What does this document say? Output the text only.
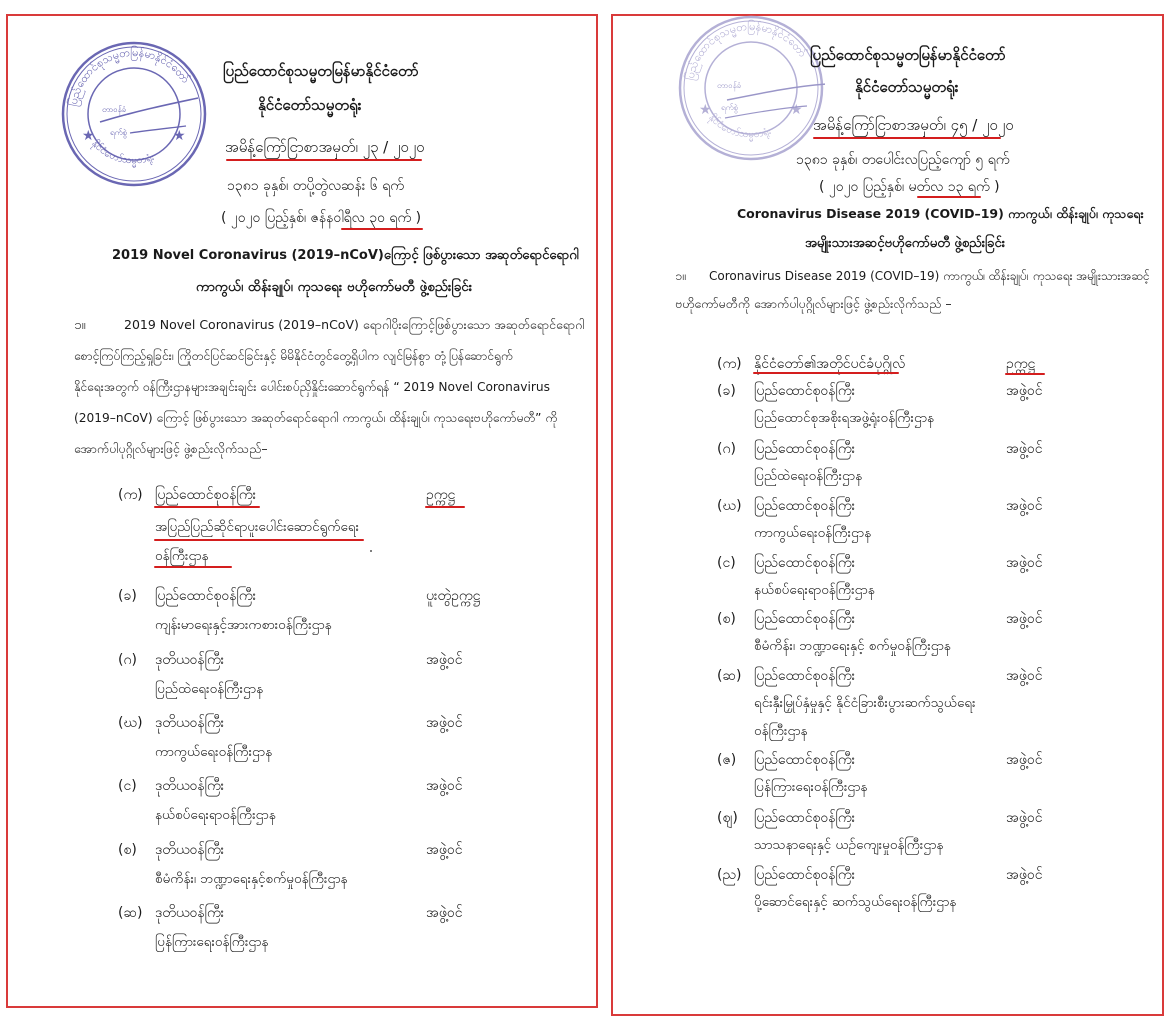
ပြည်ထောင်စုသမ္မတမြန်မာနိုင်ငံတော်
နိုင်ငံတော်သမ္မတရုံး
★	★
တာဝန်ခံ
ရက်စွဲ
ပြည်ထောင်စုသမ္မတမြန်မာနိုင်ငံတော်
နိုင်ငံတော်သမ္မတရုံး
အမိန့်ကြော်ငြာစာအမှတ်၊ ၂၃ / ၂၀၂၀
၁၃၈၁ ခုနှစ်၊ တပို့တွဲလဆန်း ၆ ရက်
( ၂၀၂၀ ပြည့်နှစ်၊ ဇန်နဝါရီလ ၃၀ ရက် )
2019 Novel Coronavirus (2019–nCoV)ကြောင့် ဖြစ်ပွားသော အဆုတ်ရောင်ရောဂါ
ကာကွယ်၊ ထိန်းချုပ်၊ ကုသရေး ဗဟိုကော်မတီ ဖွဲ့စည်းခြင်း
၁။	2019 Novel Coronavirus (2019–nCoV) ရောဂါပိုးကြောင့်ဖြစ်ပွားသော အဆုတ်ရောင်ရောဂါ
စောင့်ကြပ်ကြည့်ရှုခြင်း၊ ကြိုတင်ပြင်ဆင်ခြင်းနှင့် မိမိနိုင်ငံတွင်တွေ့ရှိပါက လျင်မြန်စွာ တုံ့ပြန်ဆောင်ရွက်
နိုင်ရေးအတွက် ဝန်ကြီးဌာနများအချင်းချင်း ပေါင်းစပ်ညှိနှိုင်းဆောင်ရွက်ရန် “ 2019 Novel Coronavirus
(2019–nCoV) ကြောင့် ဖြစ်ပွားသော အဆုတ်ရောင်ရောဂါ ကာကွယ်၊ ထိန်းချုပ်၊ ကုသရေးဗဟိုကော်မတီ” ကို
အောက်ပါပုဂ္ဂိုလ်များဖြင့် ဖွဲ့စည်းလိုက်သည်–
(က) ပြည်ထောင်စုဝန်ကြီး
အပြည်ပြည်ဆိုင်ရာပူးပေါင်းဆောင်ရွက်ရေး
ဝန်ကြီးဌာန
ဥက္ကဋ္ဌ
(ခ) ပြည်ထောင်စုဝန်ကြီး
ကျန်းမာရေးနှင့်အားကစားဝန်ကြီးဌာန
ပူးတွဲဥက္ကဋ္ဌ
(ဂ) ဒုတိယဝန်ကြီး
ပြည်ထဲရေးဝန်ကြီးဌာန
အဖွဲ့ဝင်
(ဃ) ဒုတိယဝန်ကြီး
ကာကွယ်ရေးဝန်ကြီးဌာန
အဖွဲ့ဝင်
(င) ဒုတိယဝန်ကြီး
နယ်စပ်ရေးရာဝန်ကြီးဌာန
အဖွဲ့ဝင်
(စ) ဒုတိယဝန်ကြီး
စီမံကိန်း၊ ဘဏ္ဍာရေးနှင့်စက်မှုဝန်ကြီးဌာန
အဖွဲ့ဝင်
(ဆ) ဒုတိယဝန်ကြီး
ပြန်ကြားရေးဝန်ကြီးဌာန
အဖွဲ့ဝင်
ပြည်ထောင်စုသမ္မတမြန်မာနိုင်ငံတော်
နိုင်ငံတော်သမ္မတရုံး
★	★
တာဝန်ခံ
ရက်စွဲ
ပြည်ထောင်စုသမ္မတမြန်မာနိုင်ငံတော်
နိုင်ငံတော်သမ္မတရုံး
အမိန့်ကြော်ငြာစာအမှတ်၊ ၄၅ / ၂၀၂၀
၁၃၈၁ ခုနှစ်၊ တပေါင်းလပြည့်ကျော် ၅ ရက်
( ၂၀၂၀ ပြည့်နှစ်၊ မတ်လ ၁၃ ရက် )
Coronavirus Disease 2019 (COVID–19) ကာကွယ်၊ ထိန်းချုပ်၊ ကုသရေး
အမျိုးသားအဆင့်ဗဟိုကော်မတီ ဖွဲ့စည်းခြင်း
၁။ Coronavirus Disease 2019 (COVID–19) ကာကွယ်၊ ထိန်းချုပ်၊ ကုသရေး အမျိုးသားအဆင့်
ဗဟိုကော်မတီကို အောက်ပါပုဂ္ဂိုလ်များဖြင့် ဖွဲ့စည်းလိုက်သည် –
(က) နိုင်ငံတော်၏အတိုင်ပင်ခံပုဂ္ဂိုလ်	ဥက္ကဋ္ဌ
(ခ) ပြည်ထောင်စုဝန်ကြီး
ပြည်ထောင်စုအစိုးရအဖွဲ့ရုံးဝန်ကြီးဌာန
အဖွဲ့ဝင်
(ဂ) ပြည်ထောင်စုဝန်ကြီး
ပြည်ထဲရေးဝန်ကြီးဌာန
အဖွဲ့ဝင်
(ဃ) ပြည်ထောင်စုဝန်ကြီး
ကာကွယ်ရေးဝန်ကြီးဌာန
အဖွဲ့ဝင်
(င) ပြည်ထောင်စုဝန်ကြီး
နယ်စပ်ရေးရာဝန်ကြီးဌာန
အဖွဲ့ဝင်
(စ) ပြည်ထောင်စုဝန်ကြီး
စီမံကိန်း၊ ဘဏ္ဍာရေးနှင့် စက်မှုဝန်ကြီးဌာန
အဖွဲ့ဝင်
(ဆ) ပြည်ထောင်စုဝန်ကြီး
ရင်းနှီးမြှုပ်နှံမှုနှင့် နိုင်ငံခြားစီးပွားဆက်သွယ်ရေး
ဝန်ကြီးဌာန
အဖွဲ့ဝင်
(ဇ) ပြည်ထောင်စုဝန်ကြီး
ပြန်ကြားရေးဝန်ကြီးဌာန
အဖွဲ့ဝင်
(ဈ) ပြည်ထောင်စုဝန်ကြီး
သာသနာရေးနှင့် ယဉ်ကျေးမှုဝန်ကြီးဌာန
အဖွဲ့ဝင်
(ည) ပြည်ထောင်စုဝန်ကြီး
ပို့ဆောင်ရေးနှင့် ဆက်သွယ်ရေးဝန်ကြီးဌာန
အဖွဲ့ဝင်
